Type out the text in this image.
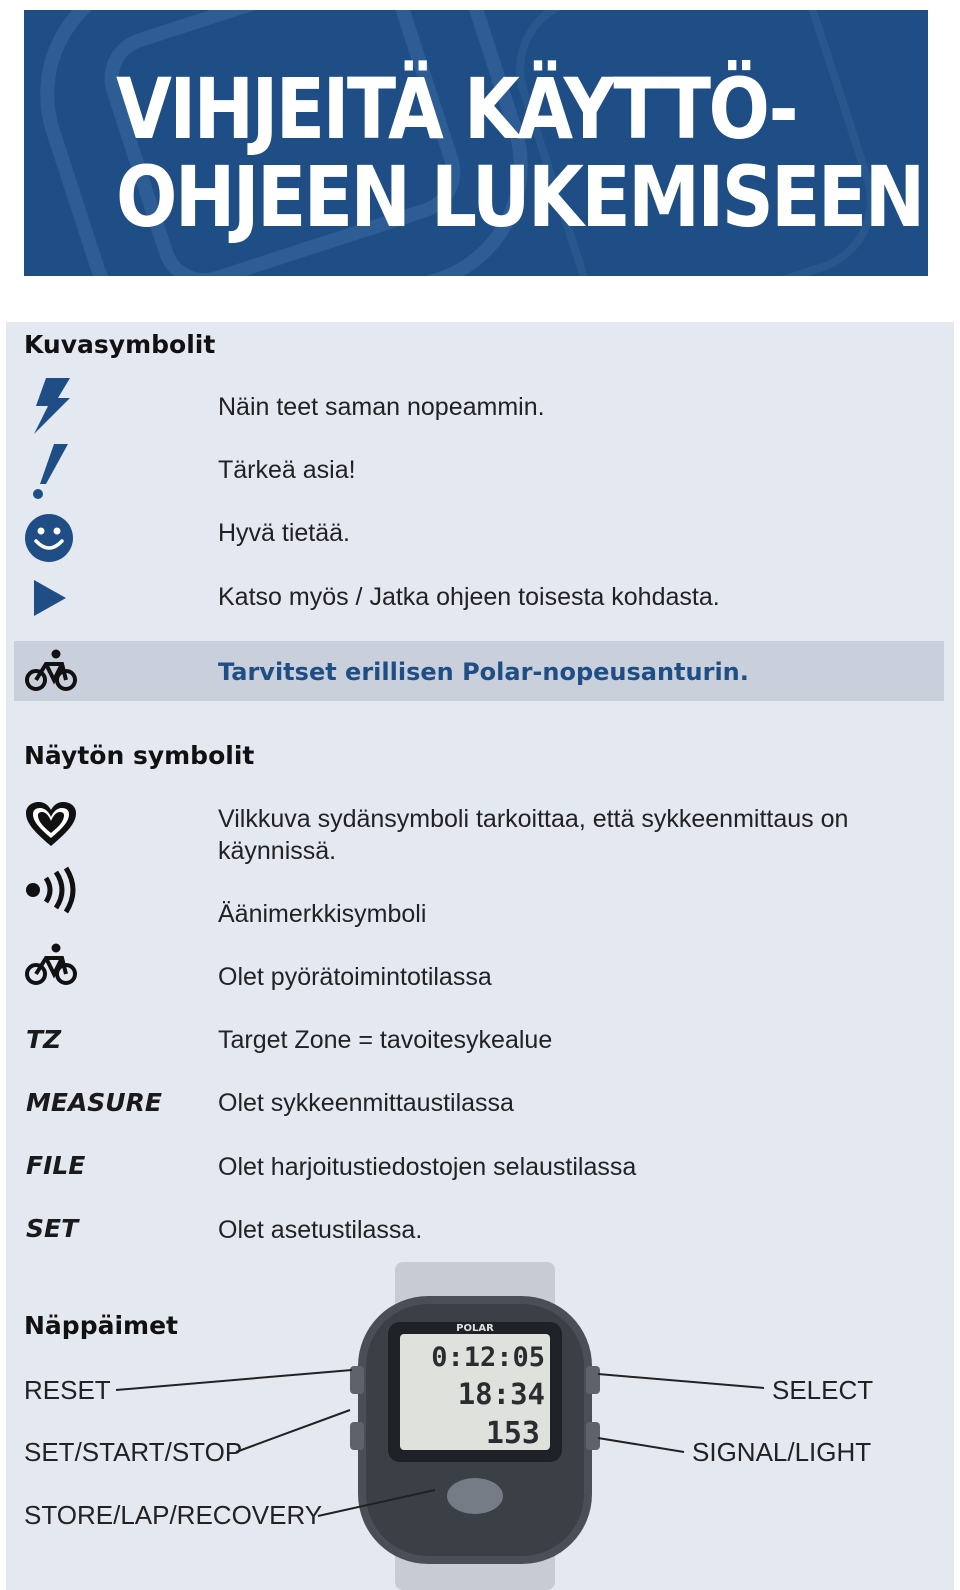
VIHJEITÄ KÄYTTÖ-
OHJEEN LUKEMISEEN
Kuvasymbolit
Näin teet saman nopeammin.
Tärkeä asia!
Hyvä tietää.
Katso myös / Jatka ohjeen toisesta kohdasta.
Tarvitset erillisen Polar-nopeusanturin.
Näytön symbolit
Vilkkuva sydänsymboli tarkoittaa, että sykkeenmittaus on käynnissä.
Äänimerkkisymboli
Olet pyörätoimintotilassa
TZ	Target Zone = tavoitesykealue
MEASURE Olet sykkeenmittaustilassa
FILE	Olet harjoitustiedostojen selaustilassa
SET	Olet asetustilassa.
Näppäimet	POLAR
0:12:05
18:34
153
RESET
SET/START/STOP
STORE/LAP/RECOVERY
SELECT
SIGNAL/LIGHT
